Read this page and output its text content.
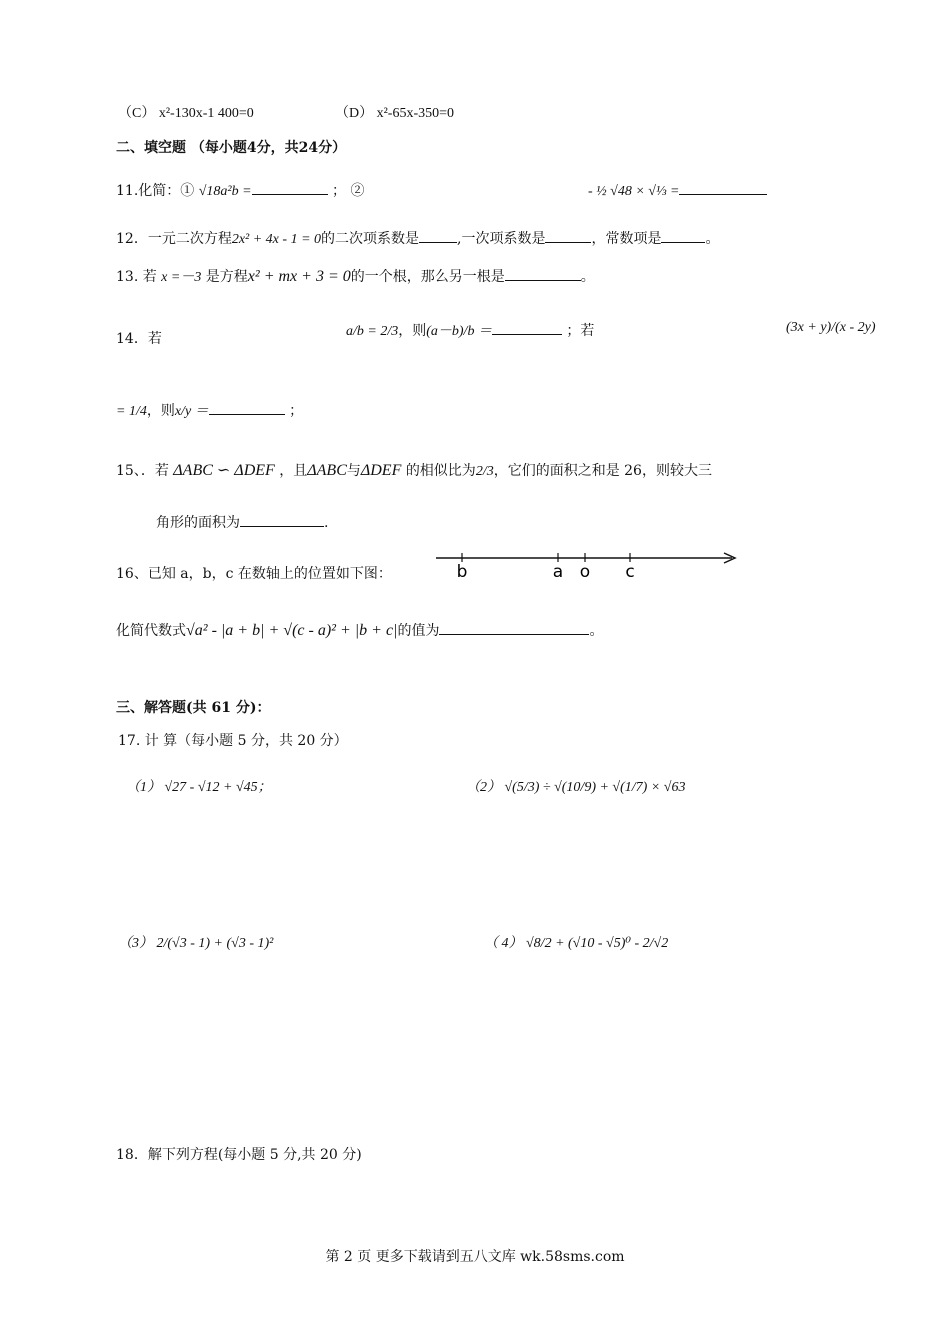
（C） x²-130x-1 400=0	（D） x²-65x-350=0
二、填空题 （每小题4分，共24分）
11.化简：① √18a²b =	； ②	- ½ √48 × √⅓ =
12．一元二次方程2x² + 4x - 1 = 0的二次项系数是	,一次项系数是	，常数项是	。
13. 若 x =－3 是方程x² + mx + 3 = 0的一个根，那么另一根是	。
14．若	a/b = 2/3，则(a－b)/b ＝	；若	(3x + y)/(x - 2y)
= 1/4，则x/y ＝	；
15、．若 ΔABC ∽ ΔDEF ，且ΔABC与ΔDEF 的相似比为2/3，它们的面积之和是 26，则较大三
角形的面积为	.
16、已知 a，b，c 在数轴上的位置如下图：	b	a o c
化简代数式√a² - |a + b| + √(c - a)² + |b + c|的值为	。
三、解答题(共 61 分)：
17. 计 算（每小题 5 分，共 20 分）
（1） √27 - √12 + √45；	（2） √(5/3) ÷ √(10/9) + √(1/7) × √63
（3） 2/(√3 - 1) + (√3 - 1)²	（ 4） √8/2 + (√10 - √5)⁰ - 2/√2
18．解下列方程(每小题 5 分,共 20 分)
第 2 页 更多下载请到五八文库 wk.58sms.com
